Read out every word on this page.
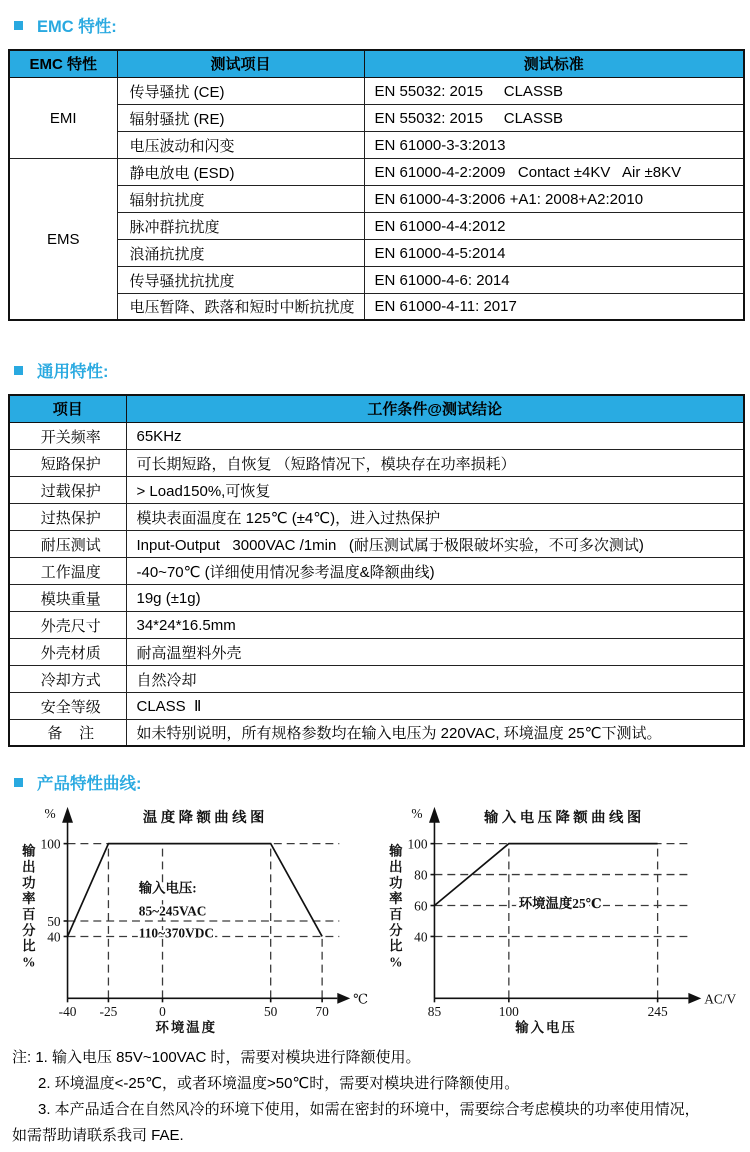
EMC 特性:
EMC 特性	测试项目	测试标准
EMI	传导骚扰 (CE)	EN 55032: 2015     CLASSB
	辐射骚扰 (RE)	EN 55032: 2015     CLASSB
	电压波动和闪变	EN 61000-3-3:2013
EMS	静电放电 (ESD)	EN 61000-4-2:2009   Contact ±4KV   Air ±8KV
	辐射抗扰度	EN 61000-4-3:2006 +A1: 2008+A2:2010
	脉冲群抗扰度	EN 61000-4-4:2012
	浪涌抗扰度	EN 61000-4-5:2014
	传导骚扰抗扰度	EN 61000-4-6: 2014
	电压暂降、跌落和短时中断抗扰度	EN 61000-4-11: 2017
通用特性:
项目	工作条件@测试结论
开关频率	65KHz
短路保护	可长期短路，自恢复 （短路情况下，模块存在功率损耗）
过载保护	> Load150%,可恢复
过热保护	模块表面温度在 125℃ (±4℃)，进入过热保护
耐压测试	Input-Output   3000VAC /1min   (耐压测试属于极限破坏实验，不可多次测试)
工作温度	-40~70℃ (详细使用情况参考温度&降额曲线)
模块重量	19g (±1g)
外壳尺寸	34*24*16.5mm
外壳材质	耐高温塑料外壳
冷却方式	自然冷却
安全等级	CLASS  Ⅱ
备    注	如未特别说明，所有规格参数均在输入电压为 220VAC, 环境温度 25℃下测试。
产品特性曲线:
℃
%	温度降额曲线图
100
50
40
-40 -25	0	50	70
环境温度
输
出
功
率
百
分
比
%
输入电压:
85~245VAC
110~370VDC
AC/V
%	输入电压降额曲线图
100
80
60
40
85	100	245
输入电压
输
出
功
率
百
分
比
%
环境温度25℃
注: 1. 输入电压 85V~100VAC 时，需要对模块进行降额使用。
2. 环境温度<-25℃，或者环境温度>50℃时，需要对模块进行降额使用。
3. 本产品适合在自然风冷的环境下使用，如需在密封的环境中，需要综合考虑模块的功率使用情况，
如需帮助请联系我司 FAE.
